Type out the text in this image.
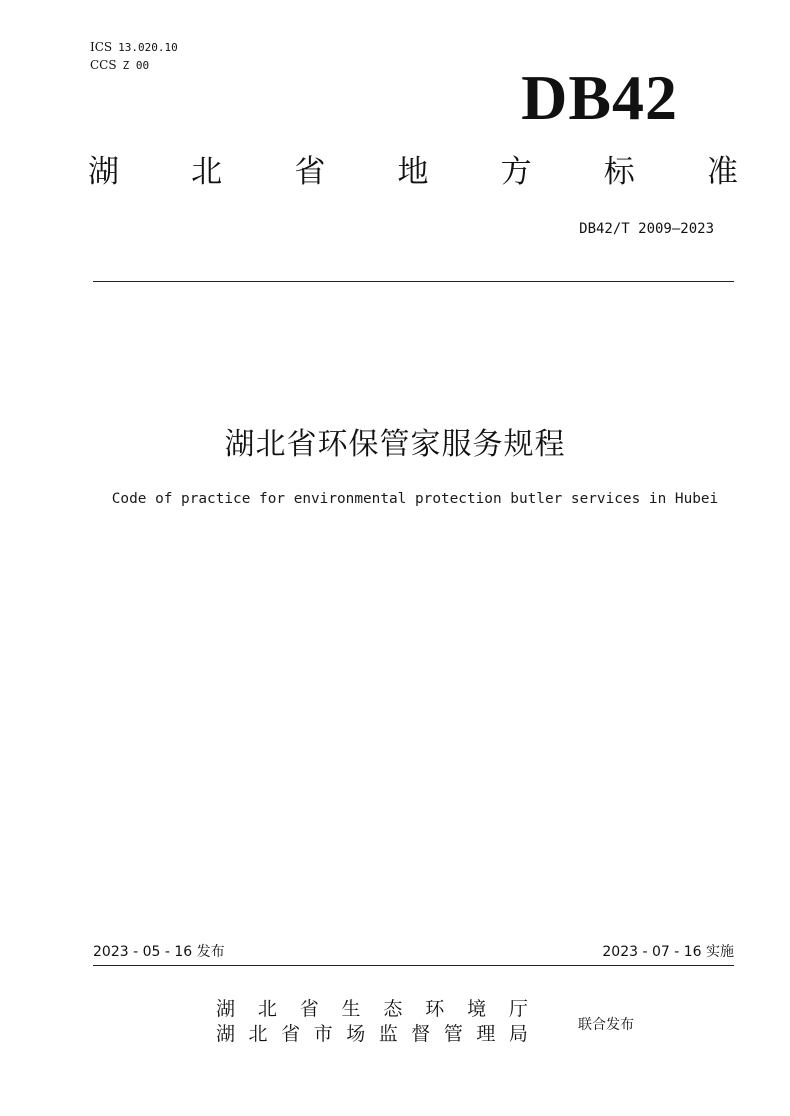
ICS 13.020.10
CCS Z 00	DB42
湖 北 省 地 方 标 准
DB42/T 2009—2023
湖北省环保管家服务规程
Code of practice for environmental protection butler services in Hubei
2023 - 05 - 16 发布	2023 - 07 - 16 实施
湖 北 省 生 态 环 境 厅
湖 北 省 市 场 监 督 管 理 局	联合发布
